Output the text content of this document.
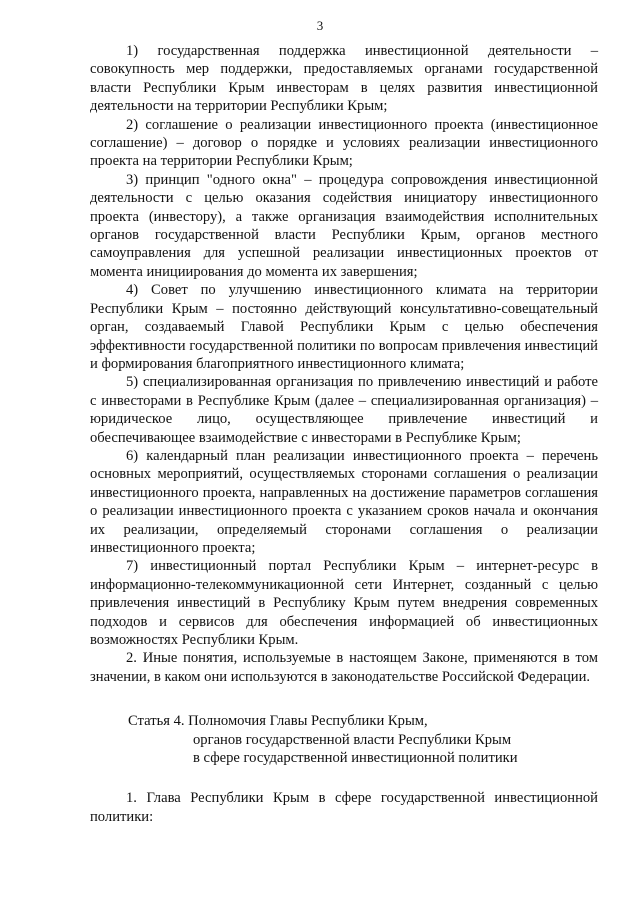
3

1) государственная поддержка инвестиционной деятельности – совокупность мер поддержки, предоставляемых органами государственной власти Республики Крым инвесторам в целях развития инвестиционной деятельности на территории Республики Крым;

2) соглашение о реализации инвестиционного проекта (инвестиционное соглашение) – договор о порядке и условиях реализации инвестиционного проекта на территории Республики Крым;

3) принцип "одного окна" – процедура сопровождения инвестиционной деятельности с целью оказания содействия инициатору инвестиционного проекта (инвестору), а также организация взаимодействия исполнительных органов государственной власти Республики Крым, органов местного самоуправления для успешной реализации инвестиционных проектов от момента инициирования до момента их завершения;

4) Совет по улучшению инвестиционного климата на территории Республики Крым – постоянно действующий консультативно-совещательный орган, создаваемый Главой Республики Крым с целью обеспечения эффективности государственной политики по вопросам привлечения инвестиций и формирования благоприятного инвестиционного климата;

5) специализированная организация по привлечению инвестиций и работе с инвесторами в Республике Крым (далее – специализированная организация) – юридическое лицо, осуществляющее привлечение инвестиций и обеспечивающее взаимодействие с инвесторами в Республике Крым;

6) календарный план реализации инвестиционного проекта – перечень основных мероприятий, осуществляемых сторонами соглашения о реализации инвестиционного проекта, направленных на достижение параметров соглашения о реализации инвестиционного проекта с указанием сроков начала и окончания их реализации, определяемый сторонами соглашения о реализации инвестиционного проекта;

7) инвестиционный портал Республики Крым – интернет-ресурс в информационно-телекоммуникационной сети Интернет, созданный с целью привлечения инвестиций в Республику Крым путем внедрения современных подходов и сервисов для обеспечения информацией об инвестиционных возможностях Республики Крым.

2. Иные понятия, используемые в настоящем Законе, применяются в том значении, в каком они используются в законодательстве Российской Федерации.

Статья 4. Полномочия Главы Республики Крым,
органов государственной власти Республики Крым
в сфере государственной инвестиционной политики

1. Глава Республики Крым в сфере государственной инвестиционной политики:
